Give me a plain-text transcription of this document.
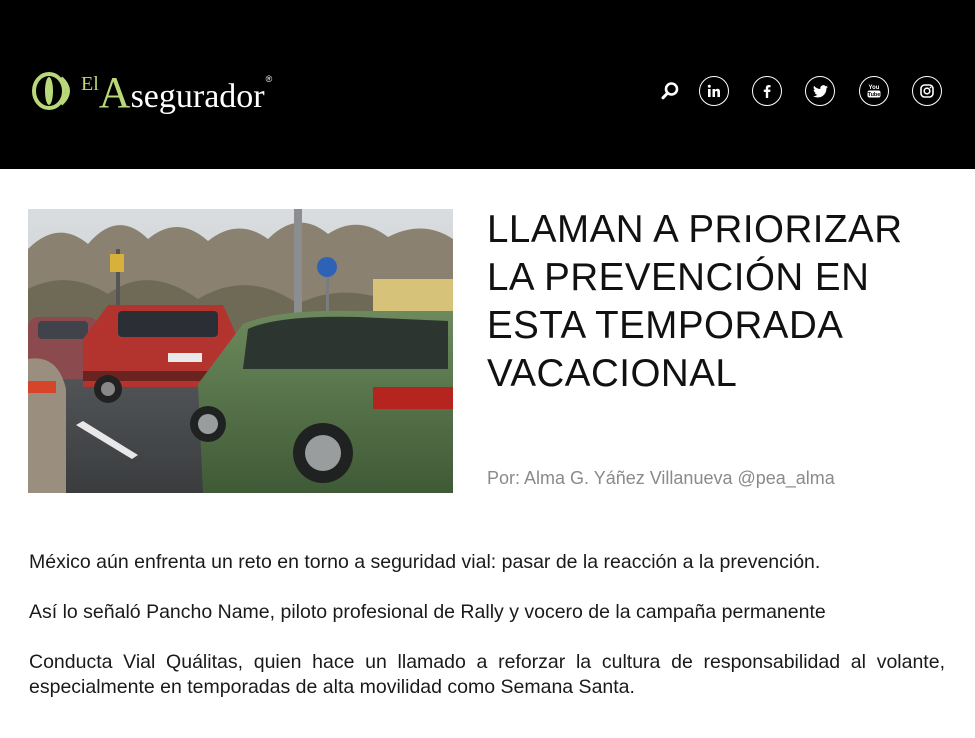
El A segurador ®
You
Tube
LLAMAN A PRIORIZAR LA PREVENCIÓN EN ESTA TEMPORADA VACACIONAL
Por: Alma G. Yáñez Villanueva @pea_alma

México aún enfrenta un reto en torno a seguridad vial: pasar de la reacción a la prevención.

Así lo señaló Pancho Name, piloto profesional de Rally y vocero de la campaña permanente

Conducta Vial Quálitas, quien hace un llamado a reforzar la cultura de responsabilidad al volante, especialmente en temporadas de alta movilidad como Semana Santa.
